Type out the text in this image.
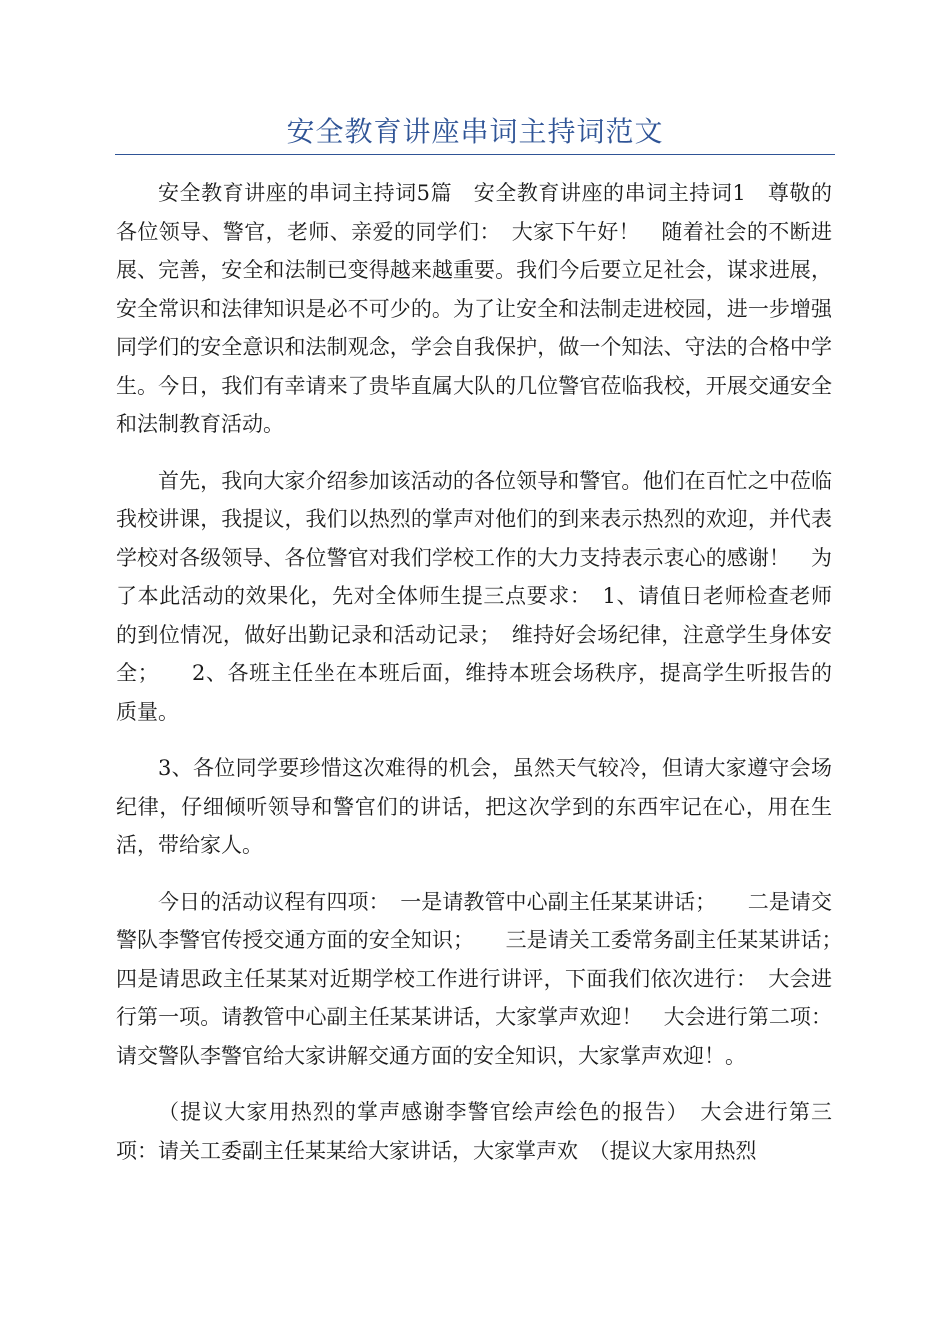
安全教育讲座串词主持词范文

安全教育讲座的串词主持词5篇　安全教育讲座的串词主持词1　尊敬的各位领导、警官，老师、亲爱的同学们：　大家下午好！　随着社会的不断进展、完善，安全和法制已变得越来越重要。我们今后要立足社会，谋求进展，安全常识和法律知识是必不可少的。为了让安全和法制走进校园，进一步增强同学们的安全意识和法制观念，学会自我保护，做一个知法、守法的合格中学生。今日，我们有幸请来了贵毕直属大队的几位警官莅临我校，开展交通安全和法制教育活动。

首先，我向大家介绍参加该活动的各位领导和警官。他们在百忙之中莅临我校讲课，我提议，我们以热烈的掌声对他们的到来表示热烈的欢迎，并代表学校对各级领导、各位警官对我们学校工作的大力支持表示衷心的感谢！　为了本此活动的效果化，先对全体师生提三点要求：　1、请值日老师检查老师的到位情况，做好出勤记录和活动记录；　维持好会场纪律，注意学生身体安全；　　2、各班主任坐在本班后面，维持本班会场秩序，提高学生听报告的质量。

3、各位同学要珍惜这次难得的机会，虽然天气较冷，但请大家遵守会场纪律，仔细倾听领导和警官们的讲话，把这次学到的东西牢记在心，用在生活，带给家人。

今日的活动议程有四项：　一是请教管中心副主任某某讲话；　　二是请交警队李警官传授交通方面的安全知识；　　三是请关工委常务副主任某某讲话；　　四是请思政主任某某对近期学校工作进行讲评，下面我们依次进行：　大会进行第一项。请教管中心副主任某某讲话，大家掌声欢迎！　大会进行第二项：请交警队李警官给大家讲解交通方面的安全知识，大家掌声欢迎！。

（提议大家用热烈的掌声感谢李警官绘声绘色的报告）　大会进行第三项：请关工委副主任某某给大家讲话，大家掌声欢　（提议大家用热烈
